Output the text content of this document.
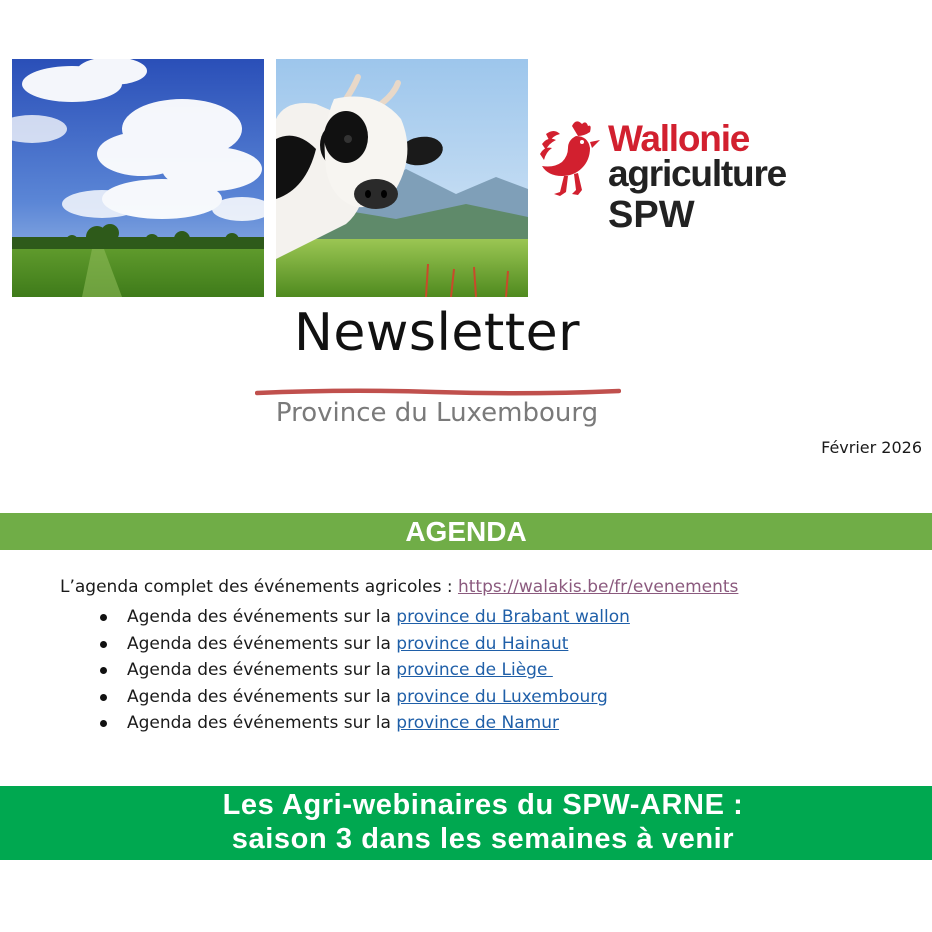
Wallonie
agriculture
SPW
Newsletter
Province du Luxembourg
Février 2026
AGENDA
L’agenda complet des événements agricoles : https://walakis.be/fr/evenements
Agenda des événements sur la province du Brabant wallon
Agenda des événements sur la province du Hainaut
Agenda des événements sur la province de Liège
Agenda des événements sur la province du Luxembourg
Agenda des événements sur la province de Namur
Les Agri-webinaires du SPW-ARNE :
saison 3 dans les semaines à venir
